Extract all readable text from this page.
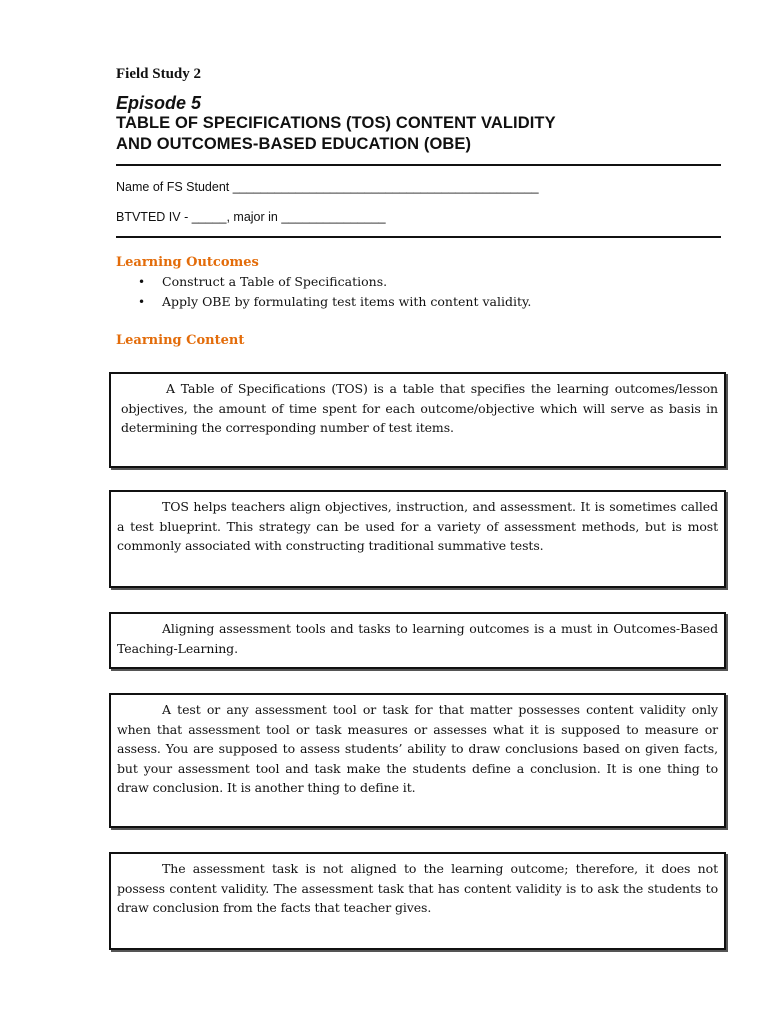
Field Study 2
Episode 5
TABLE OF SPECIFICATIONS (TOS) CONTENT VALIDITY
AND OUTCOMES-BASED EDUCATION (OBE)
Name of FS Student ____________________________________________
BTVTED IV - _____, major in _______________
Learning Outcomes
• Construct a Table of Specifications.
• Apply OBE by formulating test items with content validity.
Learning Content

A Table of Specifications (TOS) is a table that specifies the learning outcomes/lesson objectives, the amount of time spent for each outcome/objective which will serve as basis in determining the corresponding number of test items.

TOS helps teachers align objectives, instruction, and assessment. It is sometimes called a test blueprint. This strategy can be used for a variety of assessment methods, but is most commonly associated with constructing traditional summative tests.

Aligning assessment tools and tasks to learning outcomes is a must in Outcomes-Based Teaching-Learning.

A test or any assessment tool or task for that matter possesses content validity only when that assessment tool or task measures or assesses what it is supposed to measure or assess. You are supposed to assess students’ ability to draw conclusions based on given facts, but your assessment tool and task make the students define a conclusion. It is one thing to draw conclusion. It is another thing to define it.

The assessment task is not aligned to the learning outcome; therefore, it does not possess content validity. The assessment task that has content validity is to ask the students to draw conclusion from the facts that teacher gives.
